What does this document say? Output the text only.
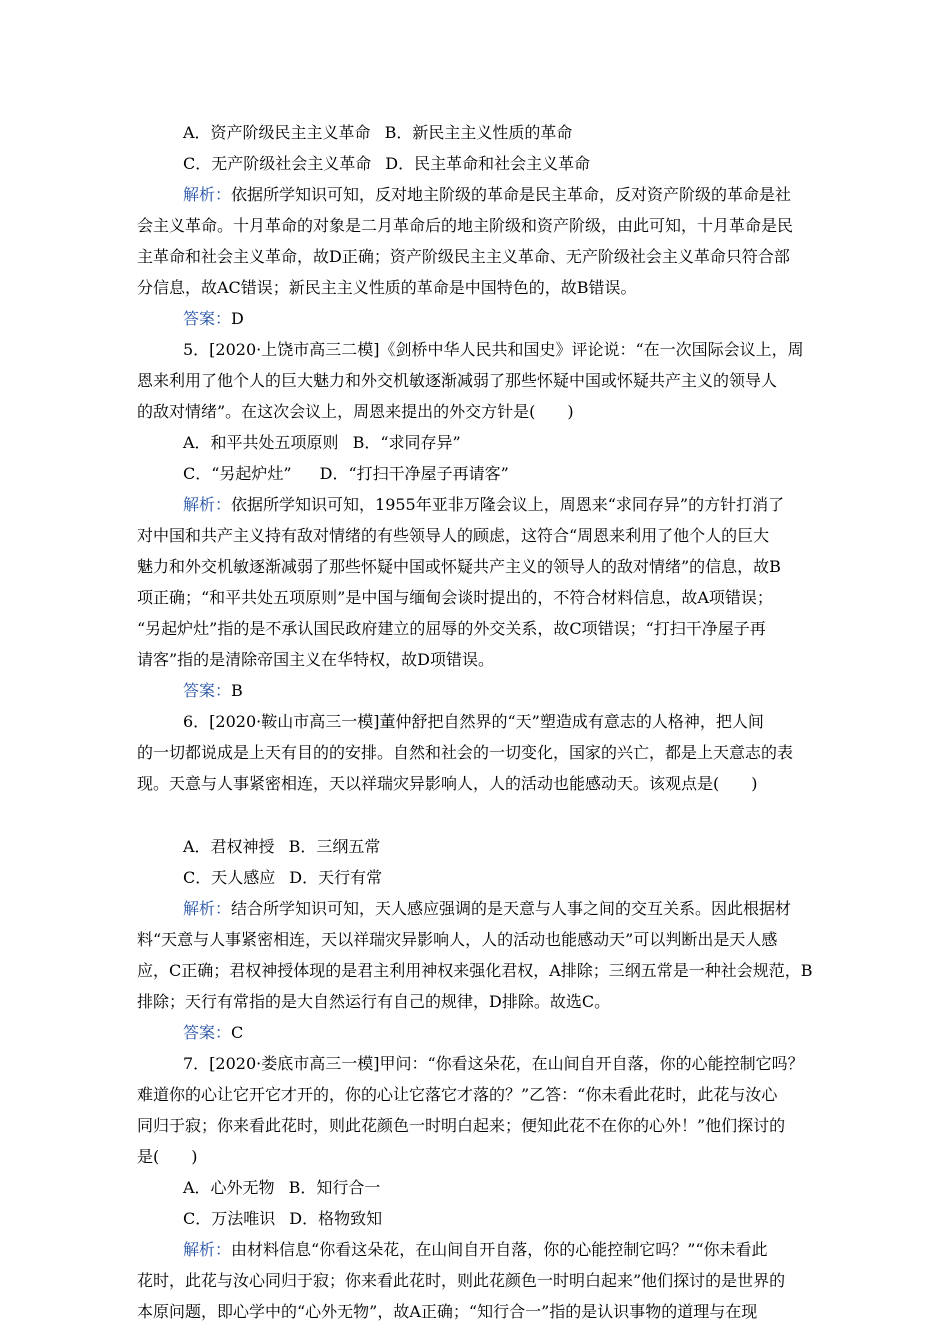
A．资产阶级民主主义革命 B．新民主主义性质的革命
C．无产阶级社会主义革命 D．民主革命和社会主义革命
解析：依据所学知识可知，反对地主阶级的革命是民主革命，反对资产阶级的革命是社
会主义革命。十月革命的对象是二月革命后的地主阶级和资产阶级，由此可知，十月革命是民
主革命和社会主义革命，故D正确；资产阶级民主主义革命、无产阶级社会主义革命只符合部
分信息，故AC错误；新民主主义性质的革命是中国特色的，故B错误。
答案：D
5．[2020·上饶市高三二模]《剑桥中华人民共和国史》评论说：“在一次国际会议上，周
恩来利用了他个人的巨大魅力和外交机敏逐渐减弱了那些怀疑中国或怀疑共产主义的领导人
的敌对情绪”。在这次会议上，周恩来提出的外交方针是(　　)
A．和平共处五项原则 B．“求同存异”
C．“另起炉灶” D．“打扫干净屋子再请客”
解析：依据所学知识可知，1955年亚非万隆会议上，周恩来“求同存异”的方针打消了
对中国和共产主义持有敌对情绪的有些领导人的顾虑，这符合“周恩来利用了他个人的巨大
魅力和外交机敏逐渐减弱了那些怀疑中国或怀疑共产主义的领导人的敌对情绪”的信息，故B
项正确；“和平共处五项原则”是中国与缅甸会谈时提出的，不符合材料信息，故A项错误；
“另起炉灶”指的是不承认国民政府建立的屈辱的外交关系，故C项错误；“打扫干净屋子再
请客”指的是清除帝国主义在华特权，故D项错误。
答案：B
6．[2020·鞍山市高三一模]董仲舒把自然界的“天”塑造成有意志的人格神，把人间
的一切都说成是上天有目的的安排。自然和社会的一切变化，国家的兴亡，都是上天意志的表
现。天意与人事紧密相连，天以祥瑞灾异影响人，人的活动也能感动天。该观点是(　　)
A．君权神授 B．三纲五常
C．天人感应 D．天行有常
解析：结合所学知识可知，天人感应强调的是天意与人事之间的交互关系。因此根据材
料“天意与人事紧密相连，天以祥瑞灾异影响人，人的活动也能感动天”可以判断出是天人感
应，C正确；君权神授体现的是君主利用神权来强化君权，A排除；三纲五常是一种社会规范，B
排除；天行有常指的是大自然运行有自己的规律，D排除。故选C。
答案：C
7．[2020·娄底市高三一模]甲问：“你看这朵花，在山间自开自落，你的心能控制它吗？
难道你的心让它开它才开的，你的心让它落它才落的？”乙答：“你未看此花时，此花与汝心
同归于寂；你来看此花时，则此花颜色一时明白起来；便知此花不在你的心外！”他们探讨的
是(　　)
A．心外无物 B．知行合一
C．万法唯识 D．格物致知
解析：由材料信息“你看这朵花，在山间自开自落，你的心能控制它吗？”“你未看此
花时，此花与汝心同归于寂；你来看此花时，则此花颜色一时明白起来”他们探讨的是世界的
本原问题，即心学中的“心外无物”，故A正确；“知行合一”指的是认识事物的道理与在现
